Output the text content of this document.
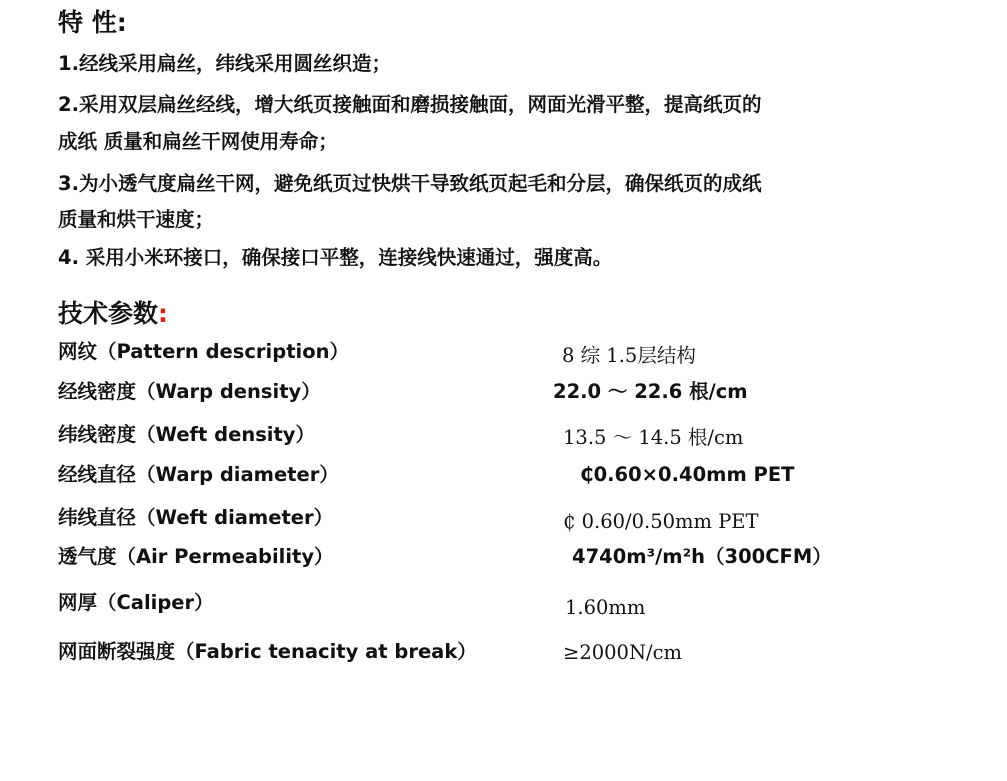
特 性:
1.经线采用扁丝，纬线采用圆丝织造；
2.采用双层扁丝经线，增大纸页接触面和磨损接触面，网面光滑平整，提高纸页的
成纸 质量和扁丝干网使用寿命；
3.为小透气度扁丝干网，避免纸页过快烘干导致纸页起毛和分层，确保纸页的成纸
质量和烘干速度；
4. 采用小米环接口，确保接口平整，连接线快速通过，强度高。
技术参数:
网纹（Pattern description）	8 综 1.5层结构
经线密度（Warp density）	22.0 ～ 22.6 根/cm
纬线密度（Weft density）	13.5 ～ 14.5 根/cm
经线直径（Warp diameter）	₵0.60×0.40mm PET
纬线直径（Weft diameter）	₵ 0.60/0.50mm PET
透气度（Air Permeability）	4740m³/m²h（300CFM）
网厚（Caliper）	1.60mm
网面断裂强度（Fabric tenacity at break）	≥2000N/cm
